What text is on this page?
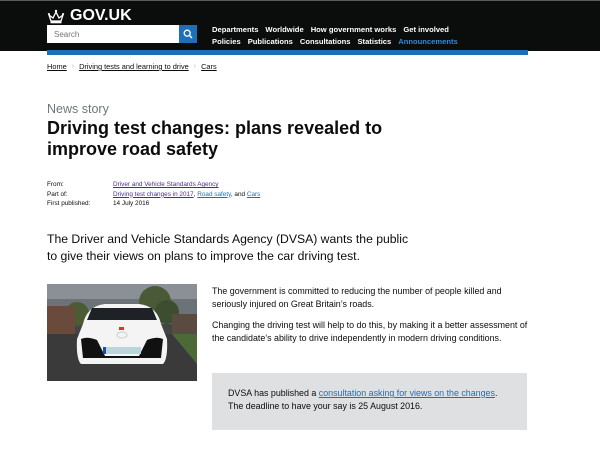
GOV.UK
Search
Departments Worldwide How government works Get involved
Policies Publications Consultations Statistics Announcements
Home › Driving tests and learning to drive › Cars
News story
Driving test changes: plans revealed to improve road safety
From:	Driver and Vehicle Standards Agency
Part of:	Driving test changes in 2017, Road safety, and Cars
First published:	14 July 2016

The Driver and Vehicle Standards Agency (DVSA) wants the public to give their views on plans to improve the car driving test.

The government is committed to reducing the number of people killed and seriously injured on Great Britain’s roads.

Changing the driving test will help to do this, by making it a better assessment of the candidate’s ability to drive independently in modern driving conditions.

DVSA has published a consultation asking for views on the changes.
The deadline to have your say is 25 August 2016.
